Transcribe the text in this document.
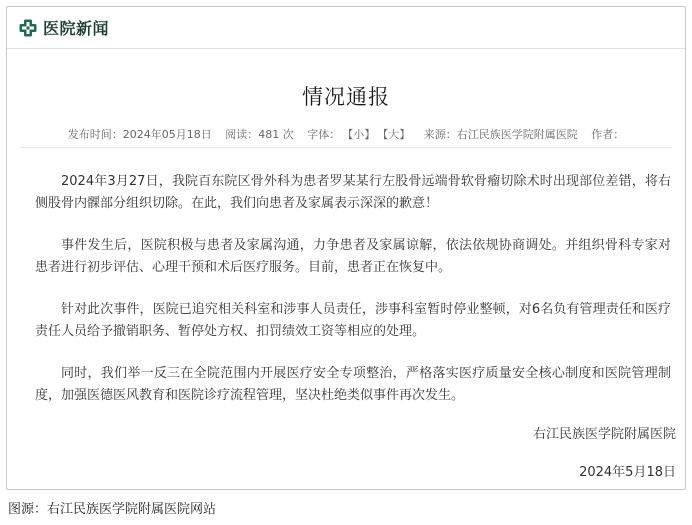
医院新闻
情况通报
发布时间：2024年05月18日 阅读：481 次 字体： 【小】 【大】 来源：右江民族医学院附属医院 作者：

2024年3月27日，我院百东院区骨外科为患者罗某某行左股骨远端骨软骨瘤切除术时出现部位差错，将右侧股骨内髁部分组织切除。在此，我们向患者及家属表示深深的歉意！

事件发生后，医院积极与患者及家属沟通，力争患者及家属谅解，依法依规协商调处。并组织骨科专家对患者进行初步评估、心理干预和术后医疗服务。目前，患者正在恢复中。

针对此次事件，医院已追究相关科室和涉事人员责任，涉事科室暂时停业整顿，对6名负有管理责任和医疗责任人员给予撤销职务、暂停处方权、扣罚绩效工资等相应的处理。

同时，我们举一反三在全院范围内开展医疗安全专项整治，严格落实医疗质量安全核心制度和医院管理制度，加强医德医风教育和医院诊疗流程管理，坚决杜绝类似事件再次发生。

右江民族医学院附属医院
2024年5月18日
图源：右江民族医学院附属医院网站
